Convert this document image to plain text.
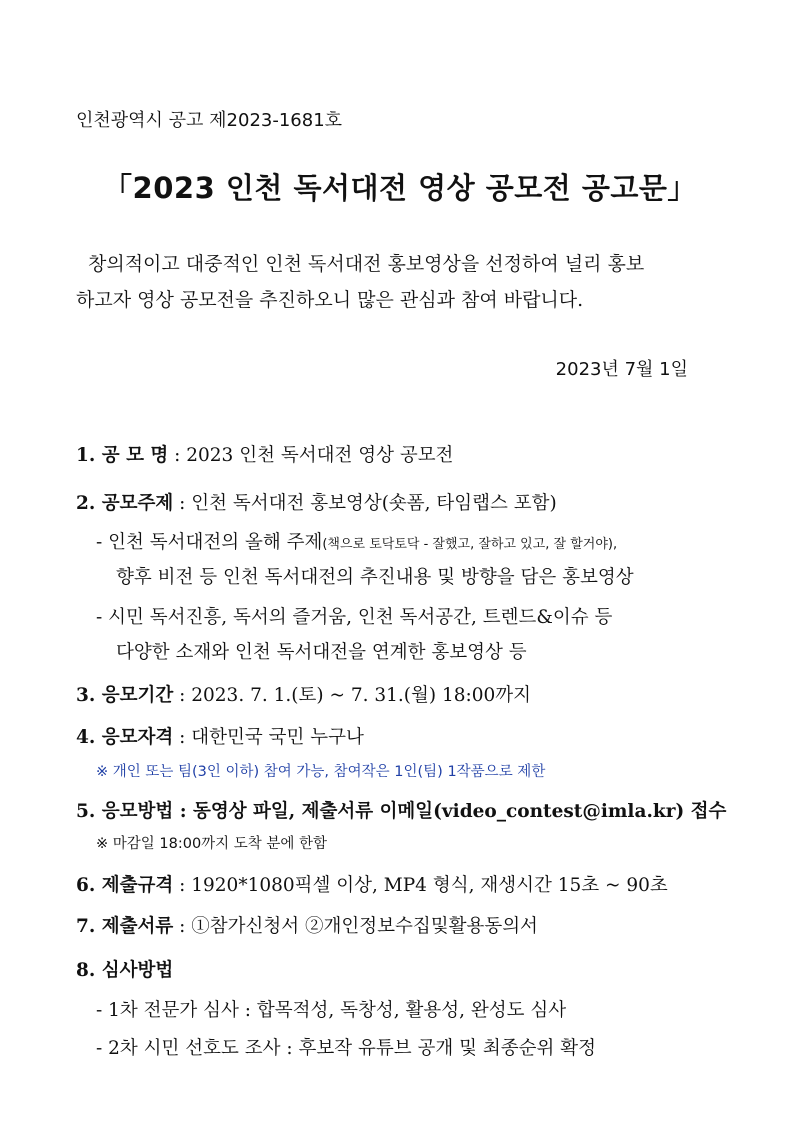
인천광역시 공고 제2023-1681호
「2023 인천 독서대전 영상 공모전 공고문」
창의적이고 대중적인 인천 독서대전 홍보영상을 선정하여 널리 홍보
하고자 영상 공모전을 추진하오니 많은 관심과 참여 바랍니다.
2023년 7월 1일
1. 공 모 명 : 2023 인천 독서대전 영상 공모전
2. 공모주제 : 인천 독서대전 홍보영상(숏폼, 타임랩스 포함)
- 인천 독서대전의 올해 주제(책으로 토닥토닥 - 잘했고, 잘하고 있고, 잘 할거야),
향후 비전 등 인천 독서대전의 추진내용 및 방향을 담은 홍보영상
- 시민 독서진흥, 독서의 즐거움, 인천 독서공간, 트렌드&이슈 등
다양한 소재와 인천 독서대전을 연계한 홍보영상 등
3. 응모기간 : 2023. 7. 1.(토) ~ 7. 31.(월) 18:00까지
4. 응모자격 : 대한민국 국민 누구나
※ 개인 또는 팀(3인 이하) 참여 가능, 참여작은 1인(팀) 1작품으로 제한
5. 응모방법 : 동영상 파일, 제출서류 이메일(video_contest@imla.kr) 접수
※ 마감일 18:00까지 도착 분에 한함
6. 제출규격 : 1920*1080픽셀 이상, MP4 형식, 재생시간 15초 ~ 90초
7. 제출서류 : ①참가신청서 ②개인정보수집및활용동의서
8. 심사방법
- 1차 전문가 심사 : 합목적성, 독창성, 활용성, 완성도 심사
- 2차 시민 선호도 조사 : 후보작 유튜브 공개 및 최종순위 확정
